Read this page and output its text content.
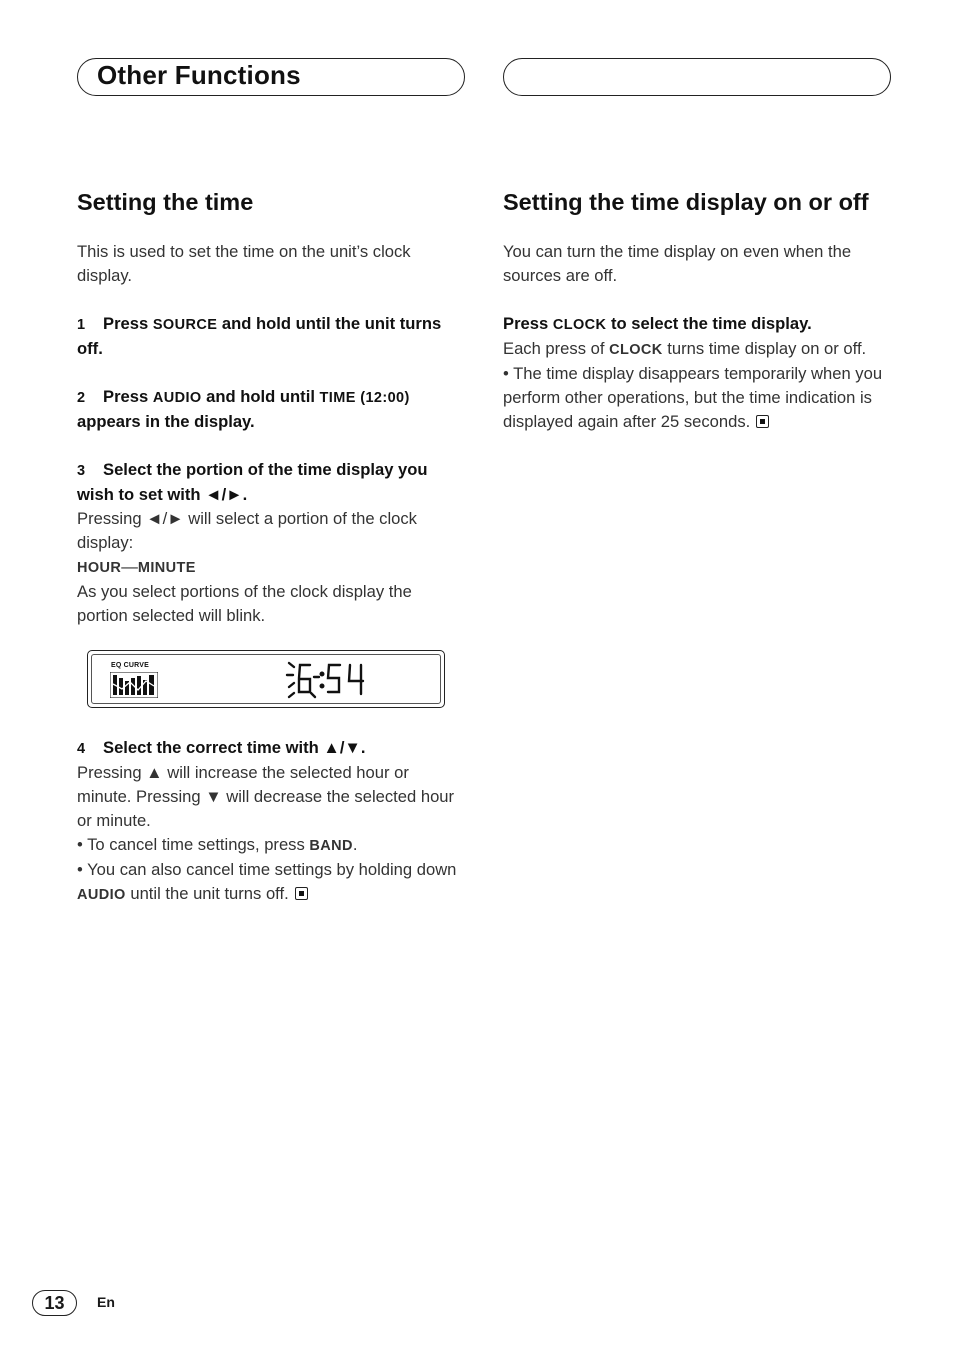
Other Functions
Setting the time

This is used to set the time on the unit’s clock display.

1 Press SOURCE and hold until the unit turns off.

2 Press AUDIO and hold until TIME (12:00) appears in the display.

3 Select the portion of the time display you wish to set with ◄/►.

Pressing ◄/► will select a portion of the clock display:

HOUR—MINUTE

As you select portions of the clock display the portion selected will blink.

EQ CURVE

4 Select the correct time with ▲/▼.

Pressing ▲ will increase the selected hour or minute. Pressing ▼ will decrease the selected hour or minute.

• To cancel time settings, press BAND.

• You can also cancel time settings by holding down AUDIO until the unit turns off.

Setting the time display on or off

You can turn the time display on even when the sources are off.

Press CLOCK to select the time display.

Each press of CLOCK turns time display on or off.

• The time display disappears temporarily when you perform other operations, but the time indication is displayed again after 25 seconds.

13	En
